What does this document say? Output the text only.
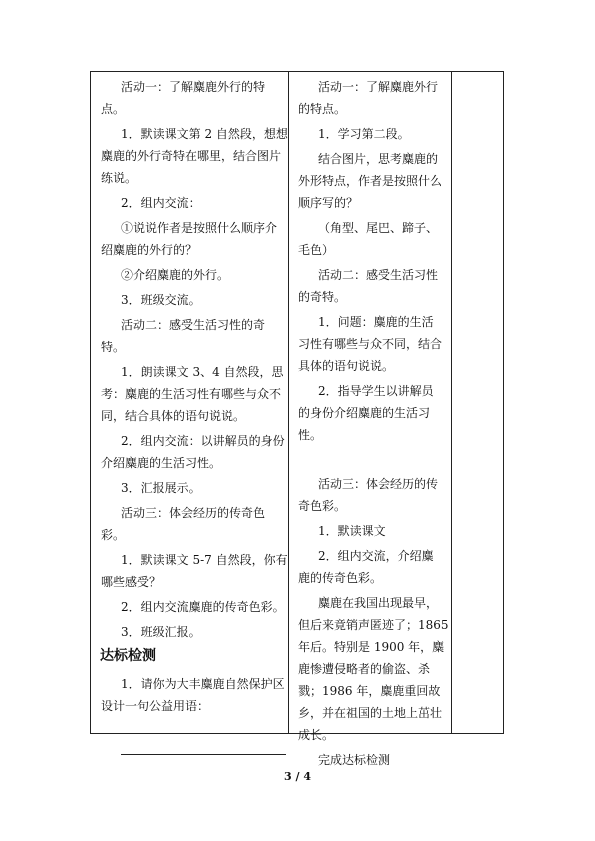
活动一：了解麋鹿外行的特

点。

1．默读课文第 2 自然段，想想

麋鹿的外行奇特在哪里，结合图片

练说。

2．组内交流：

①说说作者是按照什么顺序介

绍麋鹿的外行的？

②介绍麋鹿的外行。

3．班级交流。

活动二：感受生活习性的奇

特。

1．朗读课文 3、4 自然段，思

考：麋鹿的生活习性有哪些与众不

同，结合具体的语句说说。

2．组内交流：以讲解员的身份

介绍麋鹿的生活习性。

3．汇报展示。

活动三：体会经历的传奇色

彩。

1．默读课文 5-7 自然段，你有

哪些感受？

2．组内交流麋鹿的传奇色彩。

3．班级汇报。

达标检测

1．请你为大丰麋鹿自然保护区

设计一句公益用语：

活动一：了解麋鹿外行

的特点。

1．学习第二段。

结合图片，思考麋鹿的

外形特点，作者是按照什么

顺序写的？

（角型、尾巴、蹄子、

毛色）

活动二：感受生活习性

的奇特。

1．问题：麋鹿的生活

习性有哪些与众不同，结合

具体的语句说说。

2．指导学生以讲解员

的身份介绍麋鹿的生活习

性。

活动三：体会经历的传

奇色彩。

1．默读课文

2．组内交流，介绍麋

鹿的传奇色彩。

麋鹿在我国出现最早，

但后来竟销声匿迹了；1865

年后。特别是 1900 年，麋

鹿惨遭侵略者的偷盗、杀

戮；1986 年，麋鹿重回故

乡，并在祖国的土地上茁壮

成长。

完成达标检测

3 / 4
